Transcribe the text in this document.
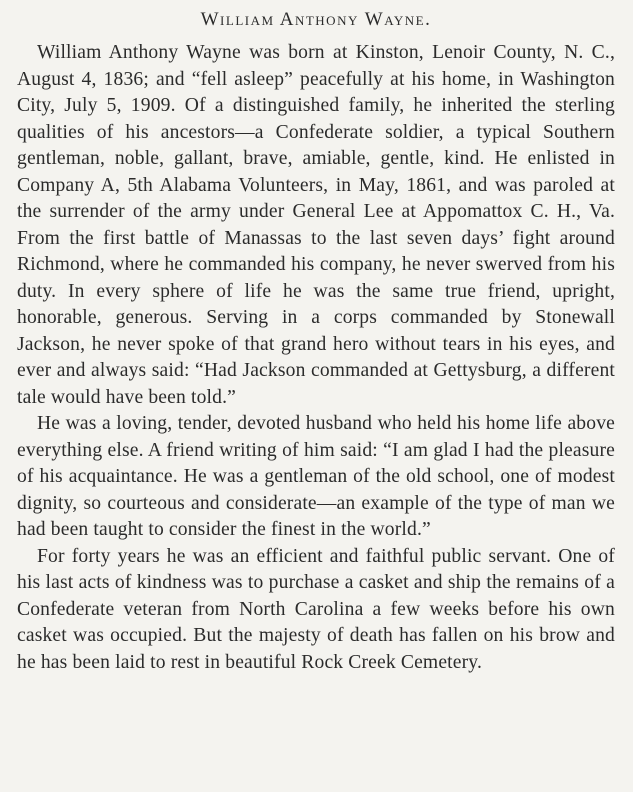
William Anthony Wayne.

William Anthony Wayne was born at Kinston, Lenoir County, N. C., August 4, 1836; and “fell asleep” peacefully at his home, in Washington City, July 5, 1909. Of a distinguished family, he inherited the sterling qualities of his ancestors—a Confederate soldier, a typical Southern gentleman, noble, gallant, brave, amiable, gentle, kind. He enlisted in Company A, 5th Alabama Volunteers, in May, 1861, and was paroled at the surrender of the army under General Lee at Appomattox C. H., Va. From the first battle of Manassas to the last seven days’ fight around Richmond, where he commanded his company, he never swerved from his duty. In every sphere of life he was the same true friend, upright, honorable, generous. Serving in a corps commanded by Stonewall Jackson, he never spoke of that grand hero without tears in his eyes, and ever and always said: “Had Jackson commanded at Gettysburg, a different tale would have been told.”

He was a loving, tender, devoted husband who held his home life above everything else. A friend writing of him said: “I am glad I had the pleasure of his acquaintance. He was a gentleman of the old school, one of modest dignity, so courteous and considerate—an example of the type of man we had been taught to consider the finest in the world.”

For forty years he was an efficient and faithful public servant. One of his last acts of kindness was to purchase a casket and ship the remains of a Confederate veteran from North Carolina a few weeks before his own casket was occupied. But the majesty of death has fallen on his brow and he has been laid to rest in beautiful Rock Creek Cemetery.
